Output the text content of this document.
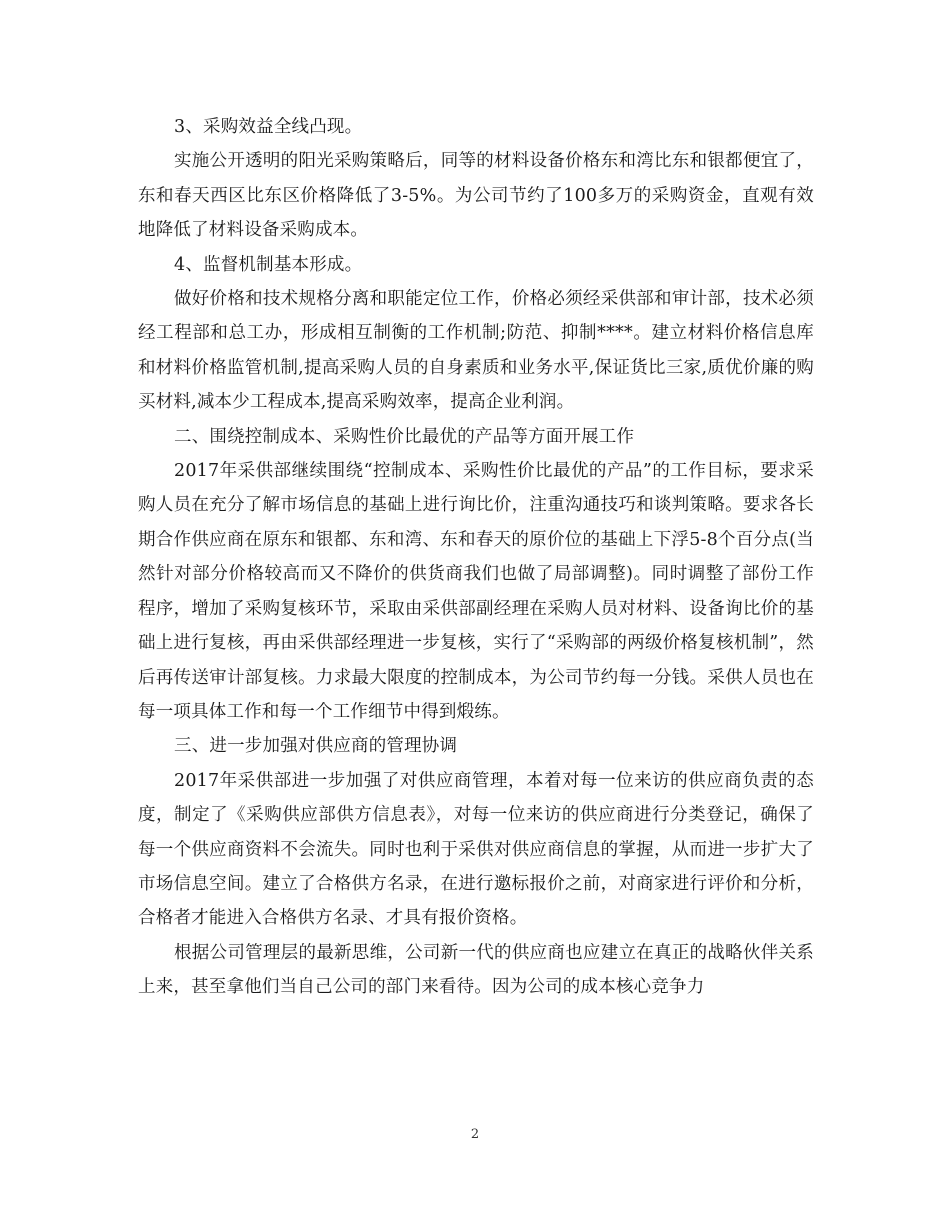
3、采购效益全线凸现。

实施公开透明的阳光采购策略后，同等的材料设备价格东和湾比东和银都便宜了，东和春天西区比东区价格降低了3-5%。为公司节约了100多万的采购资金，直观有效地降低了材料设备采购成本。

4、监督机制基本形成。

做好价格和技术规格分离和职能定位工作，价格必须经采供部和审计部，技术必须经工程部和总工办，形成相互制衡的工作机制;防范、抑制****。建立材料价格信息库和材料价格监管机制,提高采购人员的自身素质和业务水平,保证货比三家,质优价廉的购买材料,减本少工程成本,提高采购效率，提高企业利润。

二、围绕控制成本、采购性价比最优的产品等方面开展工作

2017年采供部继续围绕“控制成本、采购性价比最优的产品”的工作目标，要求采购人员在充分了解市场信息的基础上进行询比价，注重沟通技巧和谈判策略。要求各长期合作供应商在原东和银都、东和湾、东和春天的原价位的基础上下浮5-8个百分点(当然针对部分价格较高而又不降价的供货商我们也做了局部调整)。同时调整了部份工作程序，增加了采购复核环节，采取由采供部副经理在采购人员对材料、设备询比价的基础上进行复核，再由采供部经理进一步复核，实行了“采购部的两级价格复核机制”，然后再传送审计部复核。力求最大限度的控制成本，为公司节约每一分钱。采供人员也在每一项具体工作和每一个工作细节中得到煅练。

三、进一步加强对供应商的管理协调

2017年采供部进一步加强了对供应商管理，本着对每一位来访的供应商负责的态度，制定了《采购供应部供方信息表》，对每一位来访的供应商进行分类登记，确保了每一个供应商资料不会流失。同时也利于采供对供应商信息的掌握，从而进一步扩大了市场信息空间。建立了合格供方名录，在进行邀标报价之前，对商家进行评价和分析，合格者才能进入合格供方名录、才具有报价资格。

根据公司管理层的最新思维，公司新一代的供应商也应建立在真正的战略伙伴关系上来，甚至拿他们当自己公司的部门来看待。因为公司的成本核心竞争力

2
